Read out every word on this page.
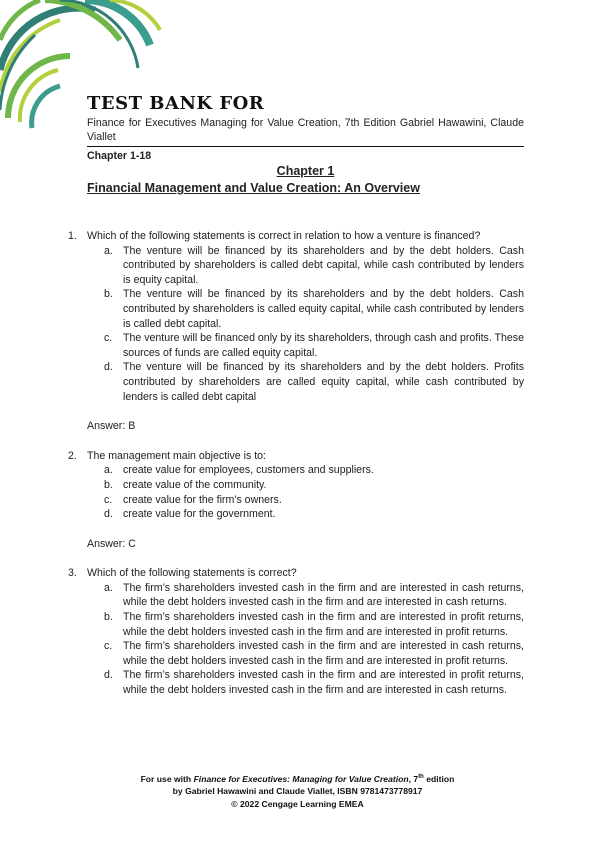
TEST BANK FOR
Finance for Executives Managing for Value Creation, 7th Edition Gabriel Hawawini, Claude Viallet
Chapter 1-18
Chapter 1
Financial Management and Value Creation: An Overview
1. Which of the following statements is correct in relation to how a venture is financed?
a. The venture will be financed by its shareholders and by the debt holders. Cash contributed by shareholders is called debt capital, while cash contributed by lenders is equity capital.
b. The venture will be financed by its shareholders and by the debt holders. Cash contributed by shareholders is called equity capital, while cash contributed by lenders is called debt capital.
c. The venture will be financed only by its shareholders, through cash and profits. These sources of funds are called equity capital.
d. The venture will be financed by its shareholders and by the debt holders. Profits contributed by shareholders are called equity capital, while cash contributed by lenders is called debt capital
Answer: B
2. The management main objective is to:
a. create value for employees, customers and suppliers.
b. create value of the community.
c. create value for the firm’s owners.
d. create value for the government.
Answer: C
3. Which of the following statements is correct?
a. The firm’s shareholders invested cash in the firm and are interested in cash returns, while the debt holders invested cash in the firm and are interested in cash returns.
b. The firm’s shareholders invested cash in the firm and are interested in profit returns, while the debt holders invested cash in the firm and are interested in profit returns.
c. The firm’s shareholders invested cash in the firm and are interested in cash returns, while the debt holders invested cash in the firm and are interested in profit returns.
d. The firm’s shareholders invested cash in the firm and are interested in profit returns, while the debt holders invested cash in the firm and are interested in cash returns.
For use with Finance for Executives: Managing for Value Creation, 7th edition
by Gabriel Hawawini and Claude Viallet, ISBN 9781473778917
© 2022 Cengage Learning EMEA
